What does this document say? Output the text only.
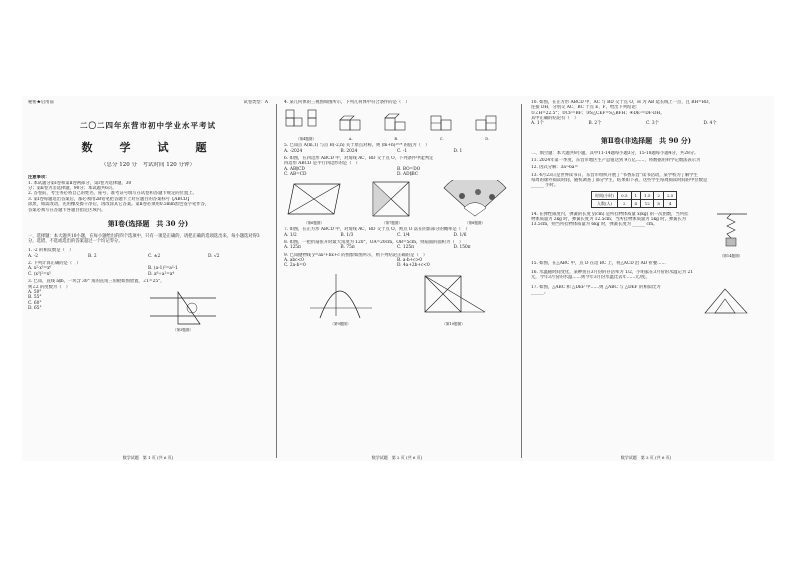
秘密★启用前	试卷类型：A
二〇二四年东营市初中学业水平考试
数　学　试　题
（总分 120 分　考试时间 120 分钟）
注意事项：
1. 本试题分第Ⅰ卷和第Ⅱ卷两部分，第Ⅰ卷为选择题，30
分；第Ⅱ卷为非选择题，90分；本试题共6页。
2. 答卷前，考生务必将自己的姓名、座号、准考证号填写在试卷和答题卡规定的位置上。
3. 第Ⅰ卷每题选出答案后，都必须用2B铅笔把答题卡上对应题目的答案标号【ABCD】
涂黑，如需改动，先用橡皮擦干净后，再改涂其它答案。第Ⅱ卷必须用0.5mm黑色签字笔作答，
答案必须写在答题卡各题目指定区域内。
第Ⅰ卷(选择题　共 30 分)
一、选择题：本大题共10小题，在每小题给出的四个选项中，只有一项是正确的，请把正确的选项选出来，每小题选对得3分，选错、不选或选出的答案超过一个均记零分。
1. -2 的相反数是（　）
A. -2	B. 2	C. ±2	D. √2
2. 下列计算正确的是（　）
A. x²·x³=x⁶	B. (a-1)²=a²-1
C. (x³)²=x⁵	D. a⁶÷a²=a⁴
3. 已知，直线 a∥b，一块含 30° 角的直角三角板如图放置，∠1=25°，
则∠2 的度数为（　）
A. 50°
B. 55°
C. 60°
D. 65°
（第3题图）
数学试题　第 1 页 (共 6 页)
4. 某几何体的三视图如图所示，下列几何体中符合条件的是（　）
（第4题图）	A.	B.	C.	D.
5. 已知点 A(m,1) 与点 B(-2,n) 关于原点对称，则 (m+n)²⁰²⁴ 的值为（　）
A. -2024	B. 2024	C. -1	D. 1
6. 如图，在四边形 ABCD 中，对角线 AC、BD 交于点 O，下列条件中能判定
四边形 ABCD 是平行四边形的是（　）
A. AB∥CD	B. BO=DO
C. AB=CD	D. AD∥BC
（第6题图）	（第7题图）	（第8题图）
7. 如图，在正方形 ABCD 中，对角线 AC、BD 交于点 O，则点 O 落在阴影部分的概率是（　）
A. 1/2	B. 1/3	C. 1/4	D. 1/6
8. 如图，一把折扇张开时最大角度为 120°，OA=20cm，OB=5cm，则扇面的面积为（　）
A. 125π	B. 75π	C. 125π	D. 150π
9. 已知抛物线 y=ax²+bx+c 的图象如图所示，则下列结论正确的是（　）
A. abc<0	B. a-b+c>0
C. 2a-b=0	D. 4a+2b+c<0
（第9题图）	（第10题图）
数学试题　第 2 页 (共 6 页)
10. 如图，在正方形 ABCD 中，AC 与 BD 交于点 O，H 为 AB 延长线上一点，且 BH=BD，
连接 DH，分别交 AC、BC 于点 E、F，给出下列结论：
①∠H=22.5°；②CF=BF；③S△CEF=S△BFH；④DE²=DF·DH。
其中正确的结论有（　）
A. 1个	B. 2个	C. 3个	D. 4个
第Ⅱ卷(非选择题　共 90 分)
二、填空题：本大题共8小题，其中11-14题每小题3分，15-18题每小题4分，共28分。
11. 2024年第一季度，东营市地区生产总值达到 9万亿……，将数据用科学记数法表示为
12. 因式分解：3a²-6a=
13. 4月23日是世界读书日，东营市组织开展了“书香东营”读书活动，某学校为了解学生
每周的课外阅读时间，随机调查了部分学生，结果如下表，这些学生每周阅读时间的中位数是
______ 小时。
时间(小时)	0.5	1	1.5	2	2.5
人数(人)	2	4	12	8	4
14. 在弹性限度内，弹簧的长度 y(cm) 是所挂物体质量 x(kg) 的一次函数，当所挂
物体质量为 2kg 时，弹簧长度为 12.5cm；当所挂物体质量为 5kg 时，弹簧长为
13.5cm，则当所挂物体质量为 6kg 时，弹簧长度为 ______ cm。
（第14题图）
15. 如图，在△ABC 中，点 D 在边 BC 上，将△ACD 沿 AD 折叠……
16. 水温随时间变化，某种鱼在3月份的存活率为 1/2，小明家在3月份的水温记为 21
元，今年3月份的水温……则今年3月份水温比去年……元/度。
17. 如图，△ABC 和 △DEF 中……则 △ABC 与 △DEF 的相似比为
______。
数学试题　第 3 页 (共 6 页)
